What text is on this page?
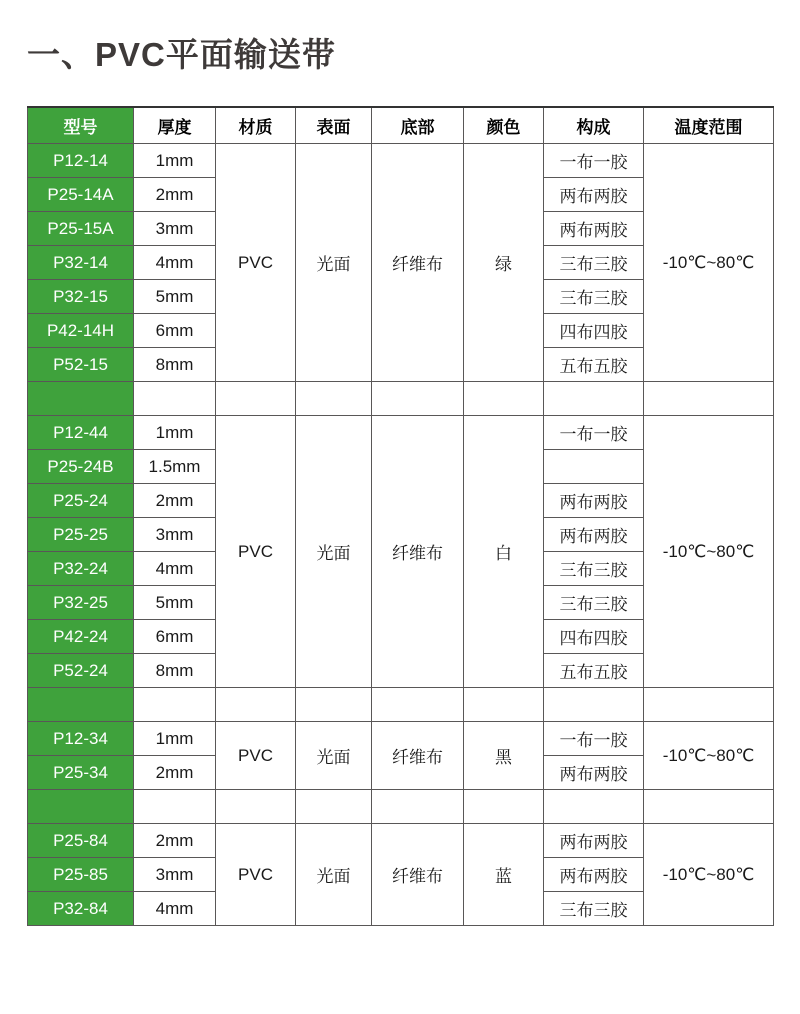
一、PVC平面输送带
型号	厚度	材质	表面	底部	颜色	构成	温度范围
P12-14	1mm	PVC	光面	纤维布	绿	一布一胶	-10℃~80℃
P25-14A	2mm					两布两胶	
P25-15A	3mm					两布两胶	
P32-14	4mm					三布三胶	
P32-15	5mm					三布三胶	
P42-14H	6mm					四布四胶	
P52-15	8mm					五布五胶	

P12-44	1mm	PVC	光面	纤维布	白	一布一胶	-10℃~80℃
P25-24B	1.5mm						
P25-24	2mm					两布两胶	
P25-25	3mm					两布两胶	
P32-24	4mm					三布三胶	
P32-25	5mm					三布三胶	
P42-24	6mm					四布四胶	
P52-24	8mm					五布五胶	

P12-34	1mm	PVC	光面	纤维布	黑	一布一胶	-10℃~80℃
P25-34	2mm					两布两胶	

P25-84	2mm	PVC	光面	纤维布	蓝	两布两胶	-10℃~80℃
P25-85	3mm					两布两胶	
P32-84	4mm					三布三胶	
